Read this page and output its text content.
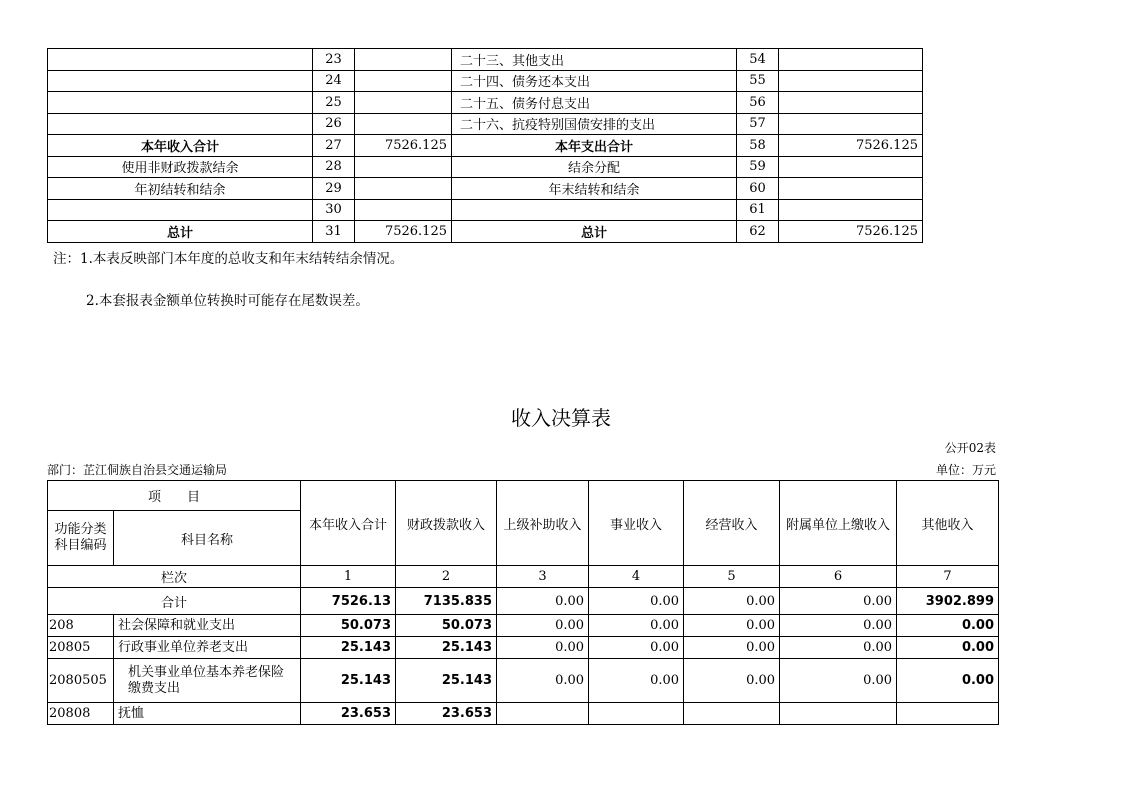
	23		二十三、其他支出	54	
	24		二十四、债务还本支出	55	
	25		二十五、债务付息支出	56	
	26		二十六、抗疫特别国债安排的支出	57	
本年收入合计	27	7526.125	本年支出合计	58	7526.125
使用非财政拨款结余	28		结余分配	59	
年初结转和结余	29		年末结转和结余	60	
	30			61	
总计	31	7526.125	总计	62	7526.125
注：1.本表反映部门本年度的总收支和年末结转结余情况。
2.本套报表金额单位转换时可能存在尾数误差。
收入决算表
公开02表
部门：芷江侗族自治县交通运输局	单位：万元
项　　目		本年收入合计	财政拨款收入	上级补助收入	事业收入	经营收入	附属单位上缴收入	其他收入
功能分类科目编码	科目名称							
栏次		1	2	3	4	5	6	7
合计		7526.13	7135.835	0.00	0.00	0.00	0.00	3902.899
208	社会保障和就业支出	50.073	50.073	0.00	0.00	0.00	0.00	0.00
20805	行政事业单位养老支出	25.143	25.143	0.00	0.00	0.00	0.00	0.00
2080505	机关事业单位基本养老保险缴费支出	25.143	25.143	0.00	0.00	0.00	0.00	0.00
20808	抚恤	23.653	23.653					
